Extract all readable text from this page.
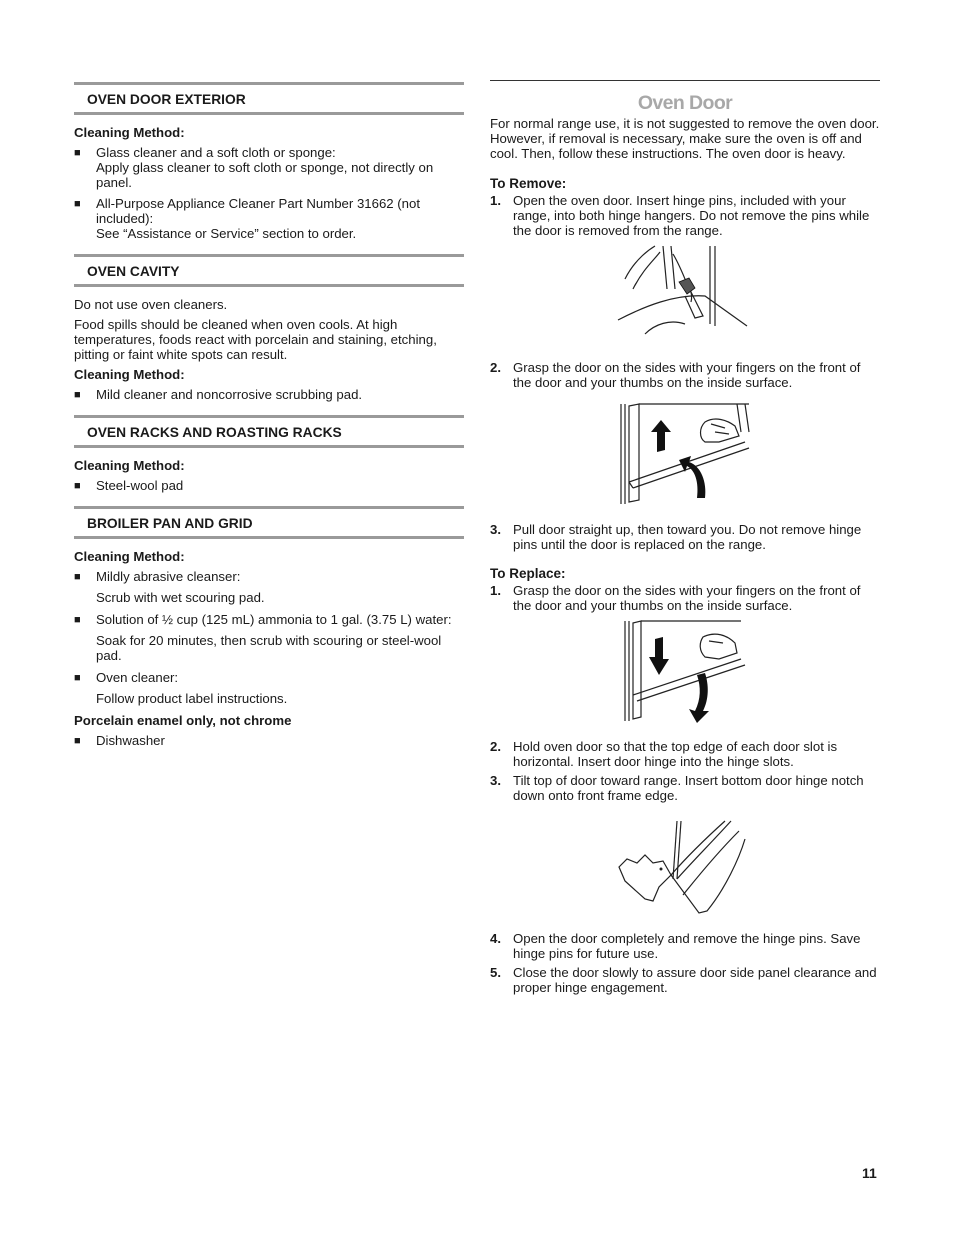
OVEN DOOR EXTERIOR
Cleaning Method:
■ Glass cleaner and a soft cloth or sponge:
Apply glass cleaner to soft cloth or sponge, not directly on panel.
■ All-Purpose Appliance Cleaner Part Number 31662 (not included):
See “Assistance or Service” section to order.
OVEN CAVITY
Do not use oven cleaners.
Food spills should be cleaned when oven cools. At high temperatures, foods react with porcelain and staining, etching, pitting or faint white spots can result.
Cleaning Method:
■ Mild cleaner and noncorrosive scrubbing pad.
OVEN RACKS AND ROASTING RACKS
Cleaning Method:
■ Steel-wool pad
BROILER PAN AND GRID
Cleaning Method:
■ Mildly abrasive cleanser:
Scrub with wet scouring pad.
■ Solution of ½ cup (125 mL) ammonia to 1 gal. (3.75 L) water:
Soak for 20 minutes, then scrub with scouring or steel-wool pad.
■ Oven cleaner:
Follow product label instructions.
Porcelain enamel only, not chrome
■ Dishwasher
Oven Door
For normal range use, it is not suggested to remove the oven door. However, if removal is necessary, make sure the oven is off and cool. Then, follow these instructions. The oven door is heavy.
To Remove:
1. Open the oven door. Insert hinge pins, included with your range, into both hinge hangers. Do not remove the pins while the door is removed from the range.
2. Grasp the door on the sides with your fingers on the front of the door and your thumbs on the inside surface.
3. Pull door straight up, then toward you. Do not remove hinge pins until the door is replaced on the range.
To Replace:
1. Grasp the door on the sides with your fingers on the front of the door and your thumbs on the inside surface.
2. Hold oven door so that the top edge of each door slot is horizontal. Insert door hinge into the hinge slots.
3. Tilt top of door toward range. Insert bottom door hinge notch down onto front frame edge.
4. Open the door completely and remove the hinge pins. Save hinge pins for future use.
5. Close the door slowly to assure door side panel clearance and proper hinge engagement.
11
